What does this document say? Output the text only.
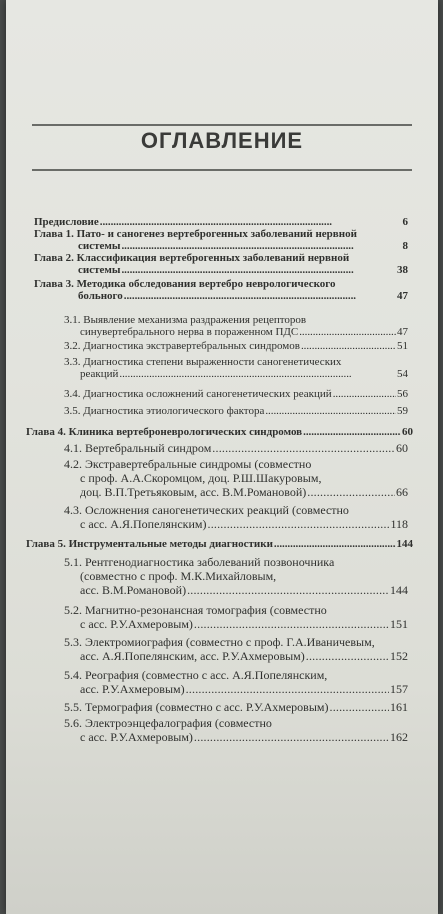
ОГЛАВЛЕНИЕ
Предисловие . . .	6
Глава 1. Пато- и саногенез вертеброгенных заболеваний нервной
системы . . .	8
Глава 2. Классификация вертеброгенных заболеваний нервной
системы . . .	38
Глава 3. Методика обследования вертебро неврологического
больного . . .	47
3.1. Выявление механизма раздражения рецепторов
синувертебрального нерва в пораженном ПДС . . .	47
3.2. Диагностика экстравертебральных синдромов . . .	51
3.3. Диагностика степени выраженности саногенетических
реакций . . .	54
3.4. Диагностика осложнений саногенетических реакций . . .	56
3.5. Диагностика этиологического фактора . . .	59
Глава 4. Клиника вертеброневрологических синдромов . . .	60
4.1. Вертебральный синдром . . .	60
4.2. Экстравертебральные синдромы (совместно
с проф. А.А.Скоромцом, доц. Р.Ш.Шакуровым,
доц. В.П.Третьяковым, асс. В.М.Романовой) . . .	66
4.3. Осложнения саногенетических реакций (совместно
с асс. А.Я.Попелянским) . . .	118
Глава 5. Инструментальные методы диагностики . . .	144
5.1. Рентгенодиагностика заболеваний позвоночника
(совместно с проф. М.К.Михайловым,
асс. В.М.Романовой) . . .	144
5.2. Магнитно-резонансная томография (совместно
с асс. Р.У.Ахмеровым) . . .	151
5.3. Электромиография (совместно с проф. Г.А.Иваничевым,
асс. А.Я.Попелянским, асс. Р.У.Ахмеровым) . . .	152
5.4. Реография (совместно с асс. А.Я.Попелянским,
асс. Р.У.Ахмеровым) . . .	157
5.5. Термография (совместно с асс. Р.У.Ахмеровым) . . .	161
5.6. Электроэнцефалография (совместно
с асс. Р.У.Ахмеровым) . . .	162
